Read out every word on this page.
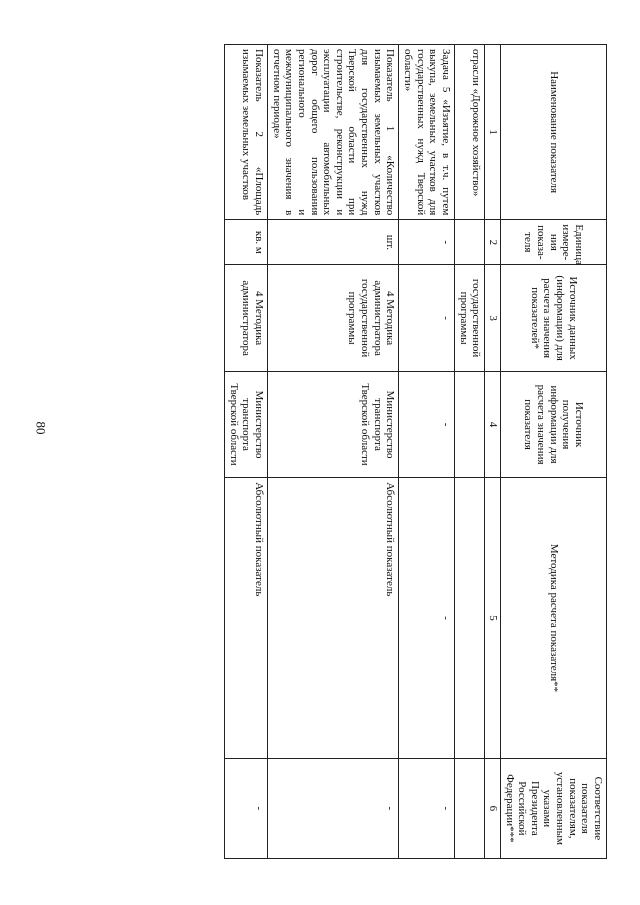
80
Наименование показателя	Единица измере-ния показа-теля	Источник данных (информации) для расчета значения показателей*	Источник получения информации для расчета значения показателя	Методика расчета показателя**	Соответствие показателя показателям, установленным указами Президента Российской Федерации***
1	2	3	4	5	6
отрасли «Дорожное хозяйство»		государственной программы			
Задача 5 «Изъятие, в т.ч. путем выкупа, земельных участков для государственных нужд Тверской области»	-	-	-	-	-
Показатель 1 «Количество изымаемых земельных участков для государственных нужд Тверской области при строительстве, реконструкции и эксплуатации автомобильных дорог общего пользования регионального и межмуниципального значения в отчетном периоде»	шт.	4 Методика администратора государственной программы	Министерство транспорта Тверской области	Абсолютный показатель	-
Показатель 2 «Площадь изымаемых земельных участков	кв. м	4 Методика администратора	Министерство транспорта Тверской области	Абсолютный показатель	-
